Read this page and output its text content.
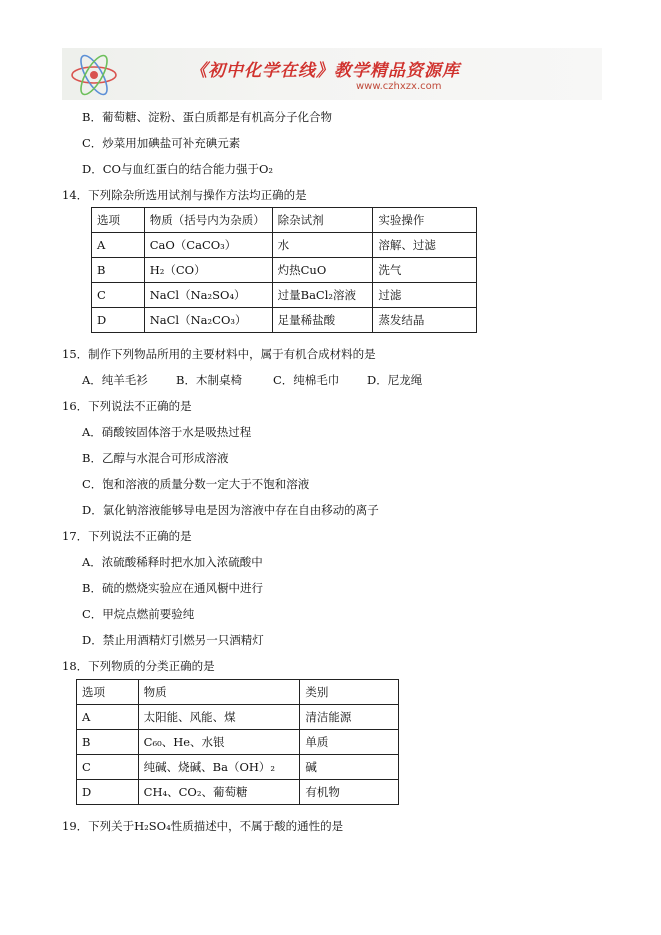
《初中化学在线》教学精品资源库
www.czhxzx.com
B．葡萄糖、淀粉、蛋白质都是有机高分子化合物
C．炒菜用加碘盐可补充碘元素
D．CO与血红蛋白的结合能力强于O₂
14．下列除杂所选用试剂与操作方法均正确的是
选项	物质（括号内为杂质）	除杂试剂	实验操作
A	CaO（CaCO₃）	水	溶解、过滤
B	H₂（CO）	灼热CuO	洗气
C	NaCl（Na₂SO₄）	过量BaCl₂溶液	过滤
D	NaCl（Na₂CO₃）	足量稀盐酸	蒸发结晶
15．制作下列物品所用的主要材料中，属于有机合成材料的是
A．纯羊毛衫 B．木制桌椅	C．纯棉毛巾 D．尼龙绳
16．下列说法不正确的是
A．硝酸铵固体溶于水是吸热过程
B．乙醇与水混合可形成溶液
C．饱和溶液的质量分数一定大于不饱和溶液
D．氯化钠溶液能够导电是因为溶液中存在自由移动的离子
17．下列说法不正确的是
A．浓硫酸稀释时把水加入浓硫酸中
B．硫的燃烧实验应在通风橱中进行
C．甲烷点燃前要验纯
D．禁止用酒精灯引燃另一只酒精灯
18．下列物质的分类正确的是
选项	物质	类别
A	太阳能、风能、煤	清洁能源
B	C₆₀、He、水银	单质
C	纯碱、烧碱、Ba（OH）₂	碱
D	CH₄、CO₂、葡萄糖	有机物
19．下列关于H₂SO₄性质描述中，不属于酸的通性的是
